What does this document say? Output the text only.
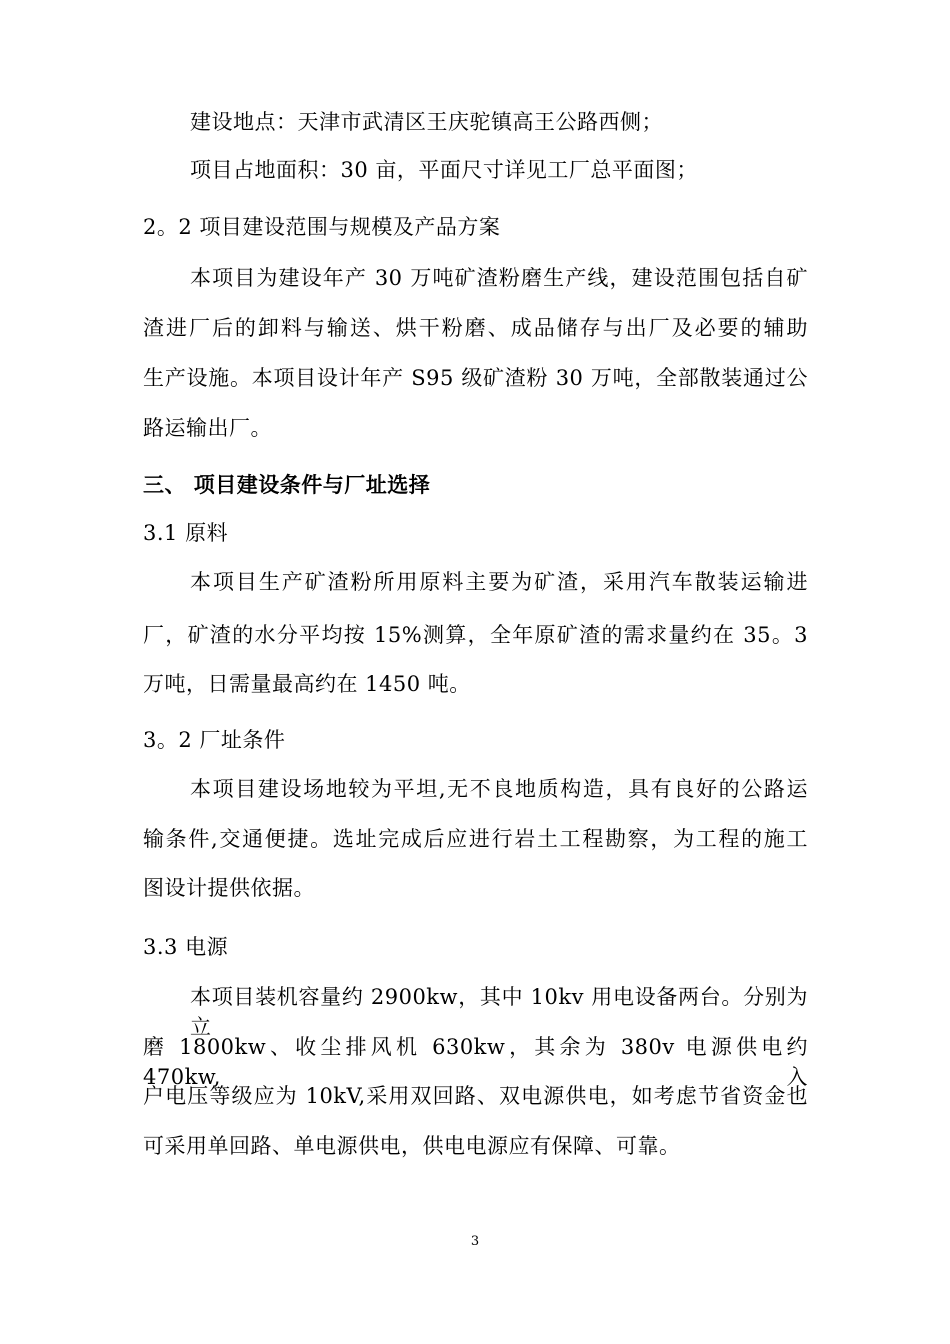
建设地点：天津市武清区王庆驼镇高王公路西侧；
项目占地面积：30 亩，平面尺寸详见工厂总平面图；
2。2 项目建设范围与规模及产品方案
本项目为建设年产 30 万吨矿渣粉磨生产线，建设范围包括自矿
渣进厂后的卸料与输送、烘干粉磨、成品储存与出厂及必要的辅助
生产设施。本项目设计年产 S95 级矿渣粉 30 万吨，全部散装通过公
路运输出厂。
三、 项目建设条件与厂址选择
3.1 原料
本项目生产矿渣粉所用原料主要为矿渣，采用汽车散装运输进
厂，矿渣的水分平均按 15%测算，全年原矿渣的需求量约在 35。3
万吨，日需量最高约在 1450 吨。
3。2 厂址条件
本项目建设场地较为平坦,无不良地质构造，具有良好的公路运
输条件,交通便捷。选址完成后应进行岩土工程勘察，为工程的施工
图设计提供依据。
3.3 电源
本项目装机容量约 2900kw，其中 10kv 用电设备两台。分别为立
磨 1800kw、收尘排风机 630kw，其余为 380v 电源供电约 470kw,入
户电压等级应为 10kV,采用双回路、双电源供电，如考虑节省资金也
可采用单回路、单电源供电，供电电源应有保障、可靠。
3
